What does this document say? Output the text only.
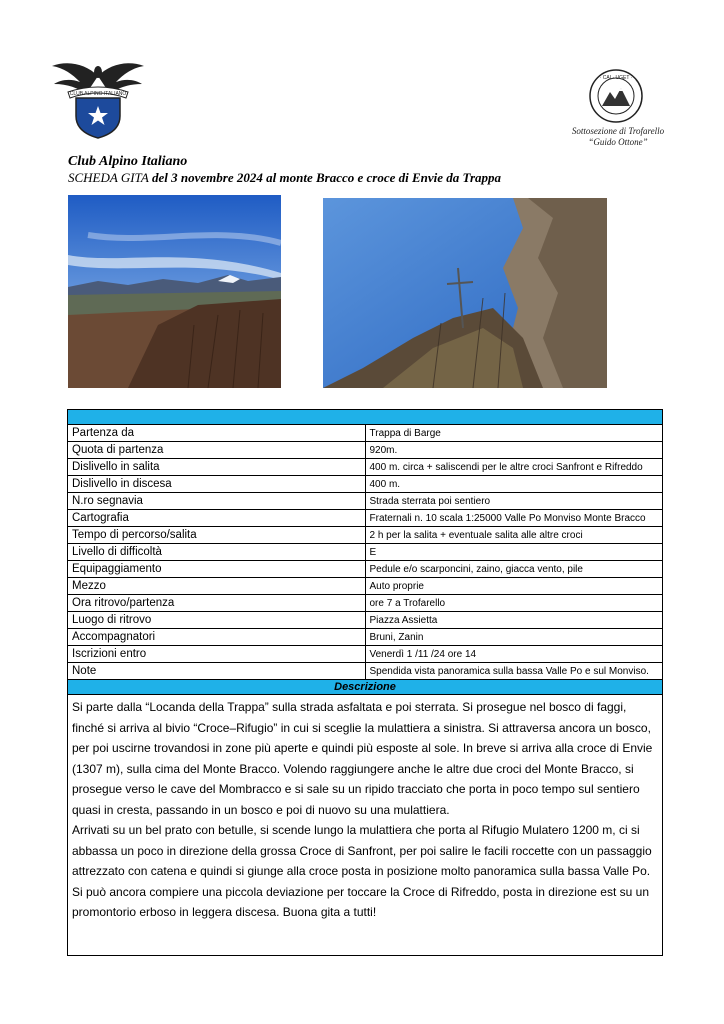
CLUB ALPINO ITALIANO
· CAI · UGET ·
Sottosezione di Trofarello
“Guido Ottone”
Club Alpino Italiano
SCHEDA GITA del 3 novembre 2024 al monte Bracco e croce di Envie da Trappa

Partenza da	Trappa di Barge
Quota di partenza	920m.
Dislivello in salita	400 m. circa + saliscendi per le altre croci Sanfront e Rifreddo
Dislivello in discesa	400 m.
N.ro segnavia	Strada sterrata poi sentiero
Cartografia	Fraternali n. 10 scala 1:25000 Valle Po Monviso Monte Bracco
Tempo di percorso/salita	2 h per la salita + eventuale salita alle altre croci
Livello di difficoltà	E
Equipaggiamento	Pedule e/o scarponcini, zaino, giacca vento, pile
Mezzo	Auto proprie
Ora ritrovo/partenza	ore 7 a Trofarello
Luogo di ritrovo	Piazza Assietta
Accompagnatori	Bruni, Zanin
Iscrizioni entro	Venerdì 1 /11 /24 ore 14
Note	Spendida vista panoramica sulla bassa Valle Po e sul Monviso.
Descrizione	

Si parte dalla “Locanda della Trappa” sulla strada asfaltata e poi sterrata. Si prosegue nel bosco di faggi, finché si arriva al bivio “Croce–Rifugio” in cui si sceglie la mulattiera a sinistra. Si attraversa ancora un bosco, per poi uscirne trovandosi in zone più aperte e quindi più esposte al sole. In breve si arriva alla croce di Envie (1307 m), sulla cima del Monte Bracco. Volendo raggiungere anche le altre due croci del Monte Bracco, si prosegue verso le cave del Mombracco e si sale su un ripido tracciato che porta in poco tempo sul sentiero quasi in cresta, passando in un bosco e poi di nuovo su una mulattiera.

Arrivati su un bel prato con betulle, si scende lungo la mulattiera che porta al Rifugio Mulatero 1200 m, ci si abbassa un poco in direzione della grossa Croce di Sanfront, per poi salire le facili roccette con un passaggio attrezzato con catena e quindi si giunge alla croce posta in posizione molto panoramica sulla bassa Valle Po.

Si può ancora compiere una piccola deviazione per toccare la Croce di Rifreddo, posta in direzione est su un promontorio erboso in leggera discesa. Buona gita a tutti!	
